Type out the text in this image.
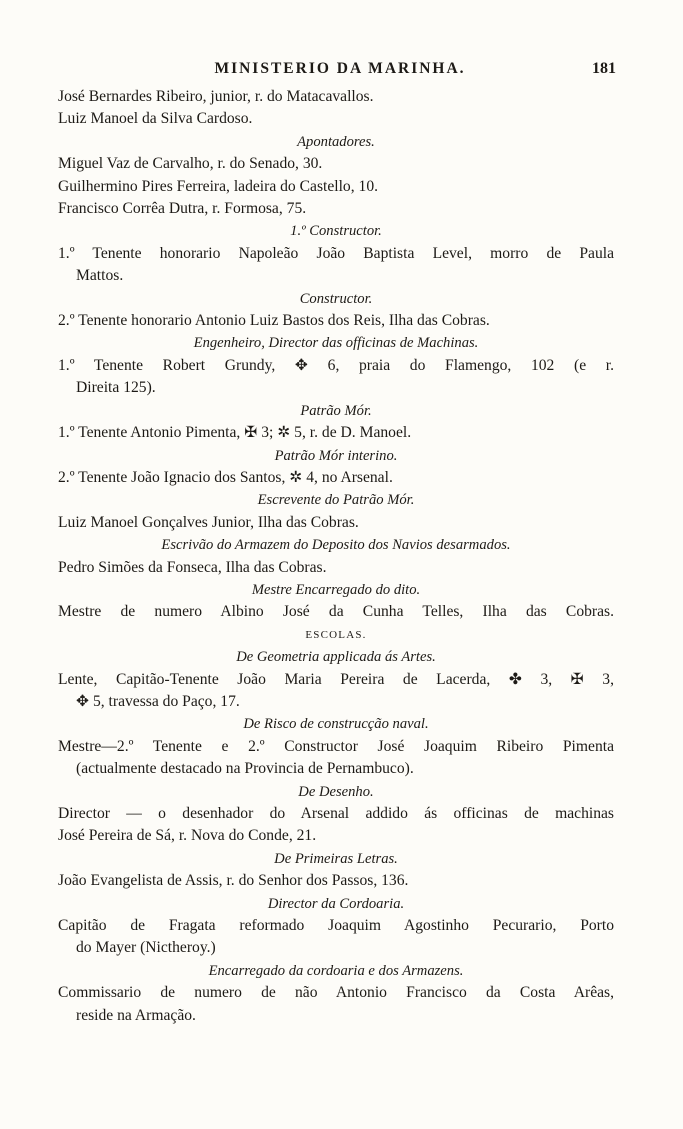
MINISTERIO DA MARINHA.	181
José Bernardes Ribeiro, junior, r. do Matacavallos.
Luiz Manoel da Silva Cardoso.
Apontadores.
Miguel Vaz de Carvalho, r. do Senado, 30.
Guilhermino Pires Ferreira, ladeira do Castello, 10.
Francisco Corrêa Dutra, r. Formosa, 75.
1.º Constructor.
1.º Tenente honorario Napoleão João Baptista Level, morro de Paula
Mattos.
Constructor.
2.º Tenente honorario Antonio Luiz Bastos dos Reis, Ilha das Cobras.
Engenheiro, Director das officinas de Machinas.
1.º Tenente Robert Grundy, ✥ 6, praia do Flamengo, 102 (e r.
Direita 125).
Patrão Mór.
1.º Tenente Antonio Pimenta, ✠ 3; ✲ 5, r. de D. Manoel.
Patrão Mór interino.
2.º Tenente João Ignacio dos Santos, ✲ 4, no Arsenal.
Escrevente do Patrão Mór.
Luiz Manoel Gonçalves Junior, Ilha das Cobras.
Escrivão do Armazem do Deposito dos Navios desarmados.
Pedro Simões da Fonseca, Ilha das Cobras.
Mestre Encarregado do dito.
Mestre de numero Albino José da Cunha Telles, Ilha das Cobras.
ESCOLAS.
De Geometria applicada ás Artes.
Lente, Capitão-Tenente João Maria Pereira de Lacerda, ✤ 3, ✠ 3,
✥ 5, travessa do Paço, 17.
De Risco de construcção naval.
Mestre—2.º Tenente e 2.º Constructor José Joaquim Ribeiro Pimenta
(actualmente destacado na Provincia de Pernambuco).
De Desenho.
Director — o desenhador do Arsenal addido ás officinas de machinas
José Pereira de Sá, r. Nova do Conde, 21.
De Primeiras Letras.
João Evangelista de Assis, r. do Senhor dos Passos, 136.
Director da Cordoaria.
Capitão de Fragata reformado Joaquim Agostinho Pecurario, Porto
do Mayer (Nictheroy.)
Encarregado da cordoaria e dos Armazens.
Commissario de numero de não Antonio Francisco da Costa Arêas,
reside na Armação.
